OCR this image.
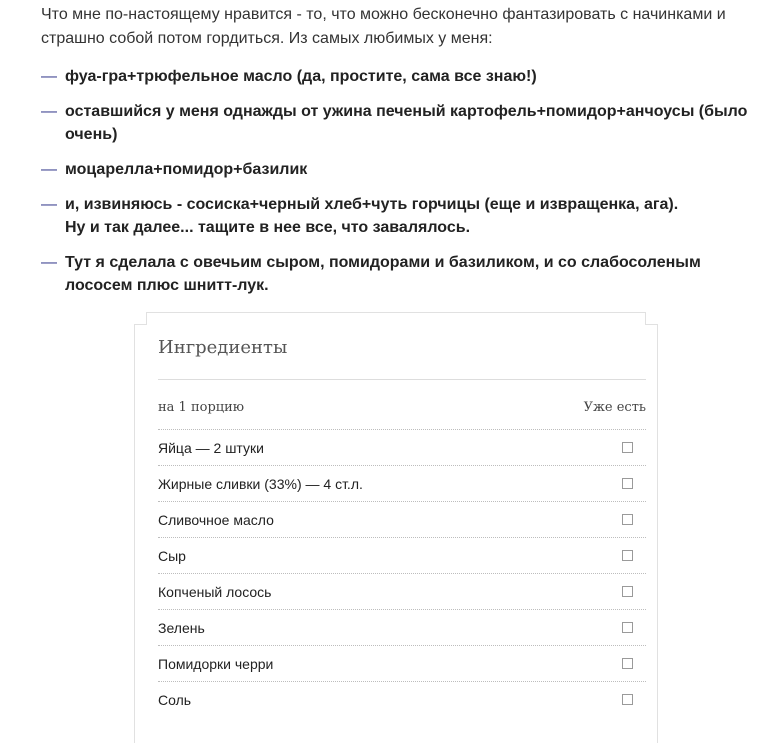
Что мне по-настоящему нравится - то, что можно бесконечно фантазировать с начинками и страшно собой потом гордиться. Из самых любимых у меня:

— фуа-гра+трюфельное масло (да, простите, сама все знаю!)
— оставшийся у меня однажды от ужина печеный картофель+помидор+анчоусы (было очень)
— моцарелла+помидор+базилик
— и, извиняюсь - сосиска+черный хлеб+чуть горчицы (еще и извращенка, ага).
Ну и так далее... тащите в нее все, что завалялось.
— Тут я сделала с овечьим сыром, помидорами и базиликом, и со слабосоленым лососем плюс шнитт-лук.
Ингредиенты
на 1 порцию	Уже есть
Яйца — 2 штуки
Жирные сливки (33%) — 4 ст.л.
Сливочное масло
Сыр
Копченый лосось
Зелень
Помидорки черри
Соль
